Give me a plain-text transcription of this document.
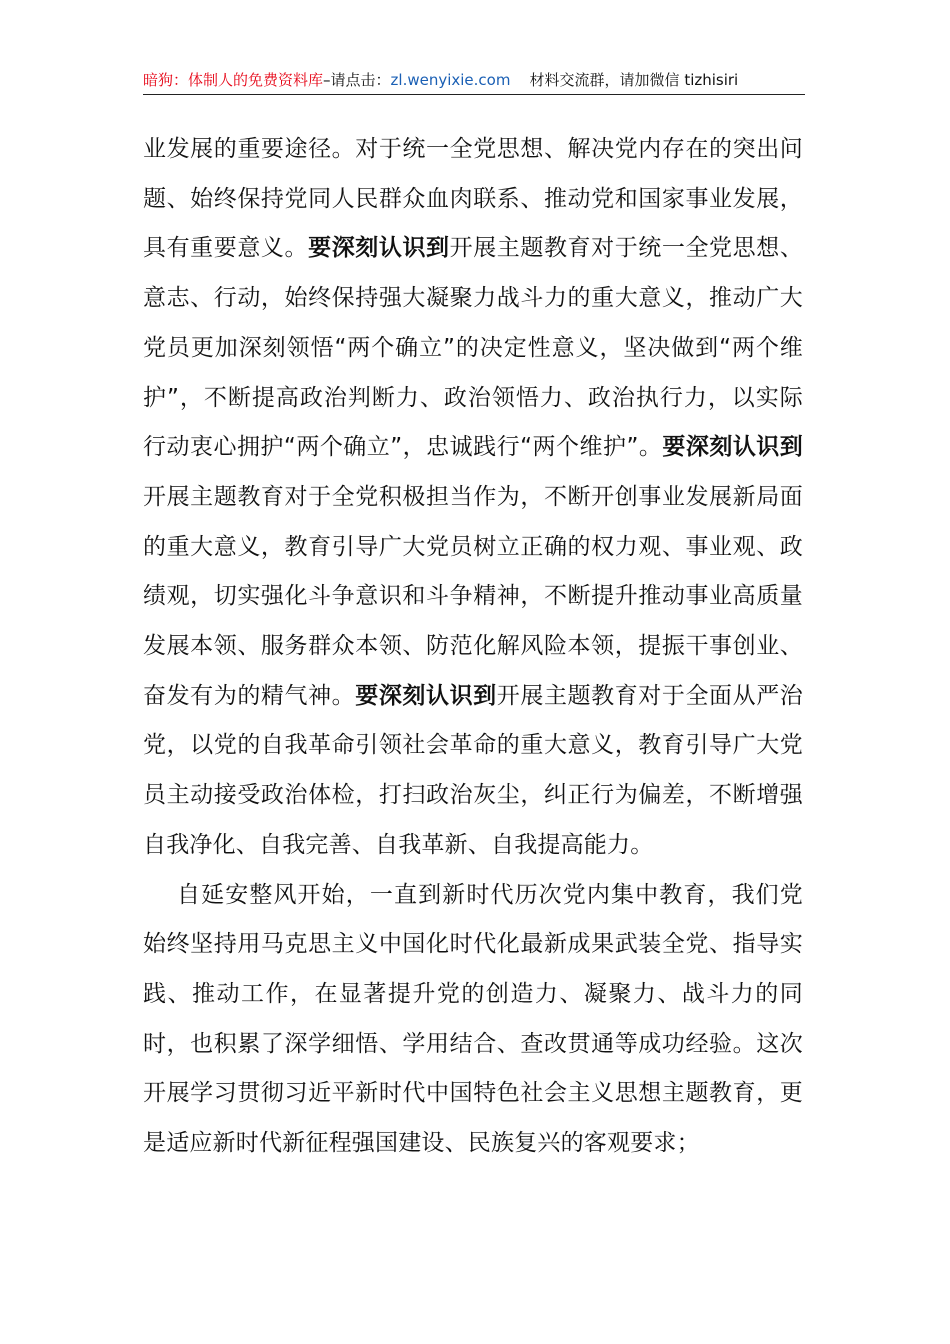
暗狗：体制人的免费资料库–请点击：zl.wenyixie.com 材料交流群，请加微信 tizhisiri

业发展的重要途径。对于统一全党思想、解决党内存在的突出问题、始终保持党同人民群众血肉联系、推动党和国家事业发展，具有重要意义。要深刻认识到开展主题教育对于统一全党思想、意志、行动，始终保持强大凝聚力战斗力的重大意义，推动广大党员更加深刻领悟“两个确立”的决定性意义，坚决做到“两个维护”，不断提高政治判断力、政治领悟力、政治执行力，以实际行动衷心拥护“两个确立”，忠诚践行“两个维护”。要深刻认识到开展主题教育对于全党积极担当作为，不断开创事业发展新局面的重大意义，教育引导广大党员树立正确的权力观、事业观、政绩观，切实强化斗争意识和斗争精神，不断提升推动事业高质量发展本领、服务群众本领、防范化解风险本领，提振干事创业、奋发有为的精气神。要深刻认识到开展主题教育对于全面从严治党，以党的自我革命引领社会革命的重大意义，教育引导广大党员主动接受政治体检，打扫政治灰尘，纠正行为偏差，不断增强自我净化、自我完善、自我革新、自我提高能力。

自延安整风开始，一直到新时代历次党内集中教育，我们党始终坚持用马克思主义中国化时代化最新成果武装全党、指导实践、推动工作，在显著提升党的创造力、凝聚力、战斗力的同时，也积累了深学细悟、学用结合、查改贯通等成功经验。这次开展学习贯彻习近平新时代中国特色社会主义思想主题教育，更是适应新时代新征程强国建设、民族复兴的客观要求；
